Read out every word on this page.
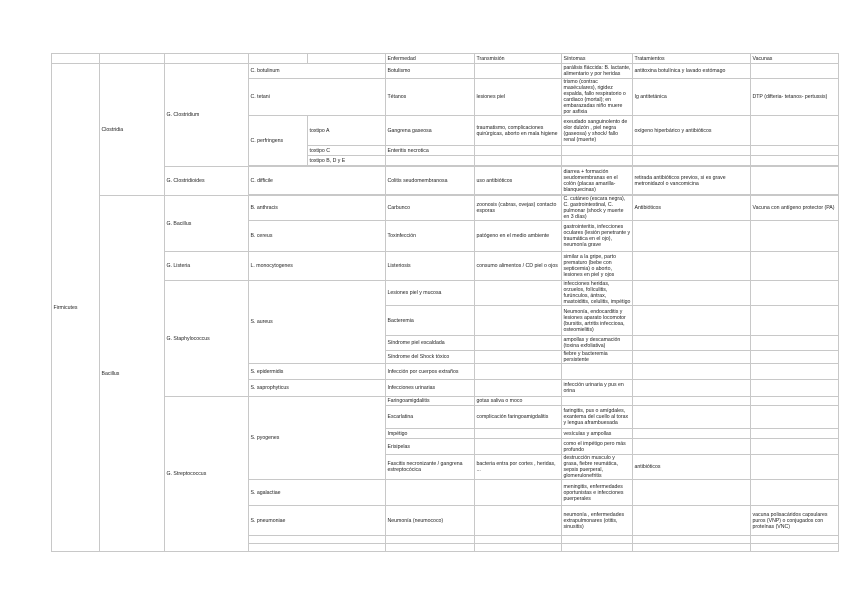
					Enfermedad	Transmisión	Síntomas	Tratamientos	Vacunas
Firmicutes	Clostridia	G. Clostridium	C. botulinum		Botulismo		parálisis fláccida: B. lactante, alimentario y por heridas	antitoxina botulínica y lavado estómago	
			C. tetani		Tétanos	lesiones piel	trismo (contrac maséculares), rigidez espalda, fallo respiratorio o cardiaco (mortal); en embarazadas niño muere por asfixia	Ig antitetánica	DTP (difteria- tetanos- pertussis)
			C. perfringens	toxtipo A	Gangrena gaseosa	traumatismo, complicaciones quirúrgicas, aborto en mala higiene	exeudado sanguinolento de olor dulzón , piel negra (gaseosa) y shock/ fallo renal (muerte)	oxígeno hiperbárico y antibióticos	
				toxtipo C	Enteritis necrotica				
				toxtipo B, D y E					

		G. Clostridioides	C. difficile		Colitis seudomembranosa	uso antibióticos	diarrea + formación seudomembranas en el colón (placas amarilla-blanquecinas)	retirada antibióticos previos, si es grave metronidazol o vancomicina	

	Bacillus	G. Bacillus	B. anthracis		Carbunco	zoonosis (cabras, ovejas) contacto esporas	C. cutáneo (escara negra), C. gastrointestinal, C. pulmonar (shock y muerte en 3 días)	Antibióticos	Vacuna con antígeno protector (PA)
			B. cereus		Toxinfección	patógeno en el medio ambiente	gastrointeritis, infecciones oculares (lesión penetrante y traumática en el ojo), neumonía grave		
		G. Listeria	L. monocytogenes		Listeriosis	consumo alimentos / CD piel o ojos	similar a la gripe, parto prematuro (bebe con septicemia) o aborto, lesiones en piel y ojos		
		G. Staphylococcus	S. aureus		Lesiones piel y mucosa		infecciones heridas, orzuelos, folículitis, furúnculos, ántrax, mastoiditis, celulitis, impétigo		
					Bacteremia		Neumonía, endocarditis y lesiones aparato locomotor (bursitis, artritis infecciosa, osteomielitis)		
					Síndrome piel escaldada		ampollas y descamación (toxina exfoliativa)		
					Síndrome del Shock tóxico		fiebre y bacteremia persistente		
			S. epidermidis		Infección por cuerpos extraños				
			S. saprophyticus		Infecciones urinarias		infección urinaria y pus en orina		
		G. Streptococcus	S. pyogenes		Faringoamigdalitis	gotas saliva o moco			
					Escarlatina	complicación faringoamigdalitis	faringitis, pus o amígdales, exantema del cuello al torax y lengua aframbuesada		
					Impétigo		vesículas y ampollas		
					Erisipelas		como el impétigo pero más profundo		
					Fascitis necronizante / gangrena estreptocócica	bacteria entra por cortes , heridas, ...	destrucción musculo y grasa, fiebre reumática, sepsis puerperal, glomerulonefritis	antibióticos	
			S. agalactiae				meningitis, enfermedades oportunistas e infecciones puerperales		
			S. pneumoniae		Neumonía (neumococo)		neumonía , enfermedades extrapulmonares (otitis, sinusitis)		vacuna polisacáridos capsulares puros (VNP) o conjugados con proteínas (VNC)
